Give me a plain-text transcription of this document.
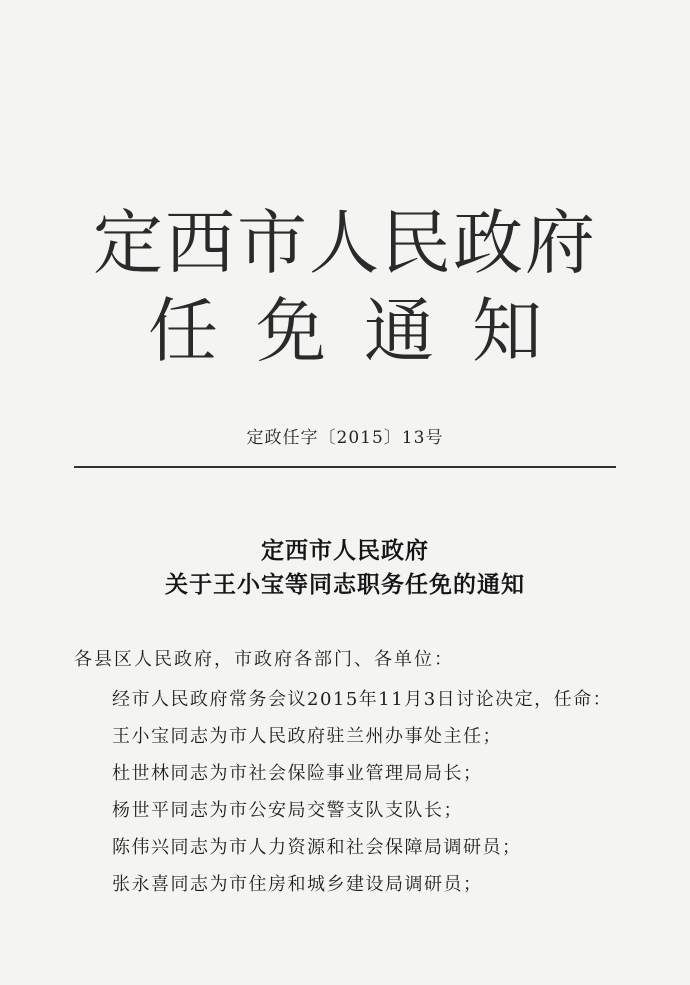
定西市人民政府
任免通知
定政任字〔2015〕13号
定西市人民政府
关于王小宝等同志职务任免的通知
各县区人民政府，市政府各部门、各单位：
经市人民政府常务会议2015年11月3日讨论决定，任命：
王小宝同志为市人民政府驻兰州办事处主任；
杜世林同志为市社会保险事业管理局局长；
杨世平同志为市公安局交警支队支队长；
陈伟兴同志为市人力资源和社会保障局调研员；
张永喜同志为市住房和城乡建设局调研员；
